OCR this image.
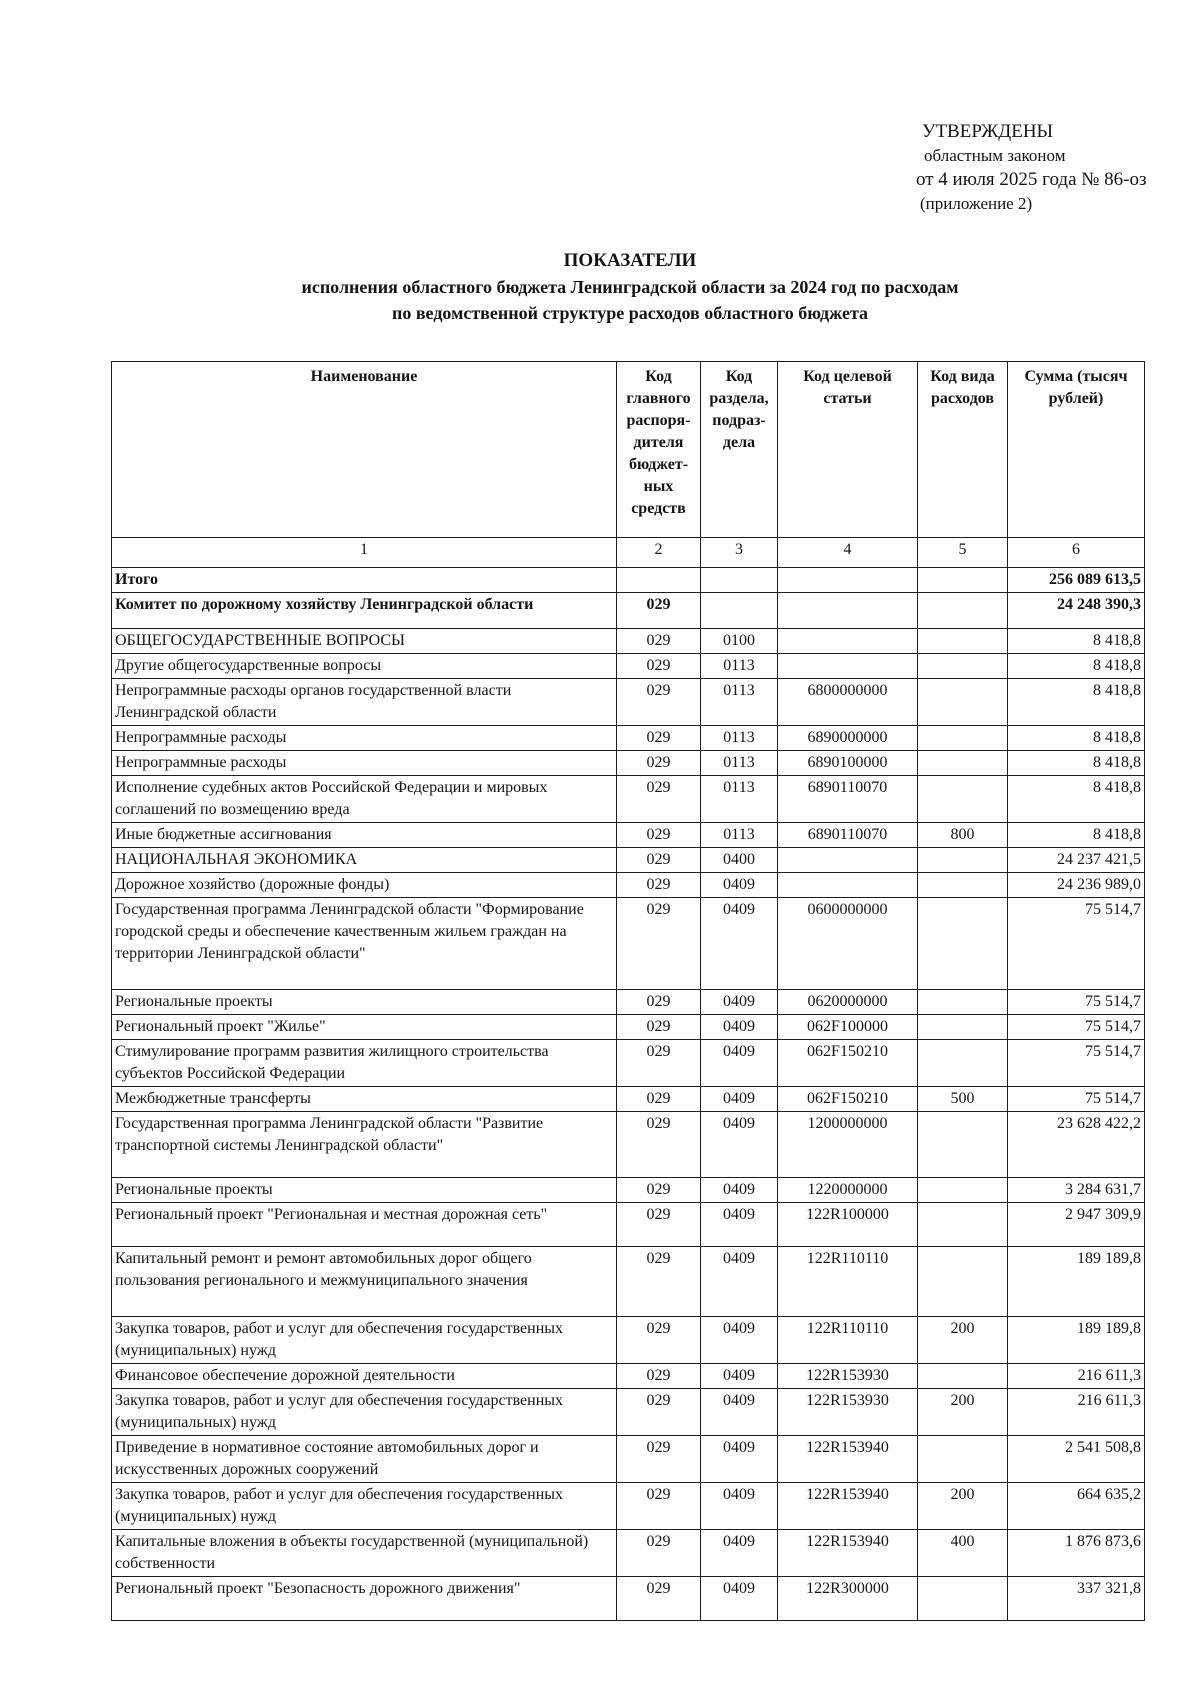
УТВЕРЖДЕНЫ
областным законом
от 4 июля 2025 года № 86-оз
(приложение 2)
ПОКАЗАТЕЛИ
исполнения областного бюджета Ленинградской области за 2024 год по расходам
по ведомственной структуре расходов областного бюджета
Наименование	Код главного распоря-дителя бюджет-ных средств	Код раздела, подраз-дела	Код целевой статьи	Код вида расходов	Сумма (тысяч рублей)
1	2	3	4	5	6
Итого					256 089 613,5
Комитет по дорожному хозяйству Ленинградской области	029				24 248 390,3
ОБЩЕГОСУДАРСТВЕННЫЕ ВОПРОСЫ	029	0100			8 418,8
Другие общегосударственные вопросы	029	0113			8 418,8
Непрограммные расходы органов государственной власти Ленинградской области	029	0113	6800000000		8 418,8
Непрограммные расходы	029	0113	6890000000		8 418,8
Непрограммные расходы	029	0113	6890100000		8 418,8
Исполнение судебных актов Российской Федерации и мировых соглашений по возмещению вреда	029	0113	6890110070		8 418,8
Иные бюджетные ассигнования	029	0113	6890110070	800	8 418,8
НАЦИОНАЛЬНАЯ ЭКОНОМИКА	029	0400			24 237 421,5
Дорожное хозяйство (дорожные фонды)	029	0409			24 236 989,0
Государственная программа Ленинградской области "Формирование городской среды и обеспечение качественным жильем граждан на территории Ленинградской области"	029	0409	0600000000		75 514,7
Региональные проекты	029	0409	0620000000		75 514,7
Региональный проект "Жилье"	029	0409	062F100000		75 514,7
Стимулирование программ развития жилищного строительства субъектов Российской Федерации	029	0409	062F150210		75 514,7
Межбюджетные трансферты	029	0409	062F150210	500	75 514,7
Государственная программа Ленинградской области "Развитие транспортной системы Ленинградской области"	029	0409	1200000000		23 628 422,2
Региональные проекты	029	0409	1220000000		3 284 631,7
Региональный проект "Региональная и местная дорожная сеть"	029	0409	122R100000		2 947 309,9
Капитальный ремонт и ремонт автомобильных дорог общего пользования регионального и межмуниципального значения	029	0409	122R110110		189 189,8
Закупка товаров, работ и услуг для обеспечения государственных (муниципальных) нужд	029	0409	122R110110	200	189 189,8
Финансовое обеспечение дорожной деятельности	029	0409	122R153930		216 611,3
Закупка товаров, работ и услуг для обеспечения государственных (муниципальных) нужд	029	0409	122R153930	200	216 611,3
Приведение в нормативное состояние автомобильных дорог и искусственных дорожных сооружений	029	0409	122R153940		2 541 508,8
Закупка товаров, работ и услуг для обеспечения государственных (муниципальных) нужд	029	0409	122R153940	200	664 635,2
Капитальные вложения в объекты государственной (муниципальной) собственности	029	0409	122R153940	400	1 876 873,6
Региональный проект "Безопасность дорожного движения"	029	0409	122R300000		337 321,8
